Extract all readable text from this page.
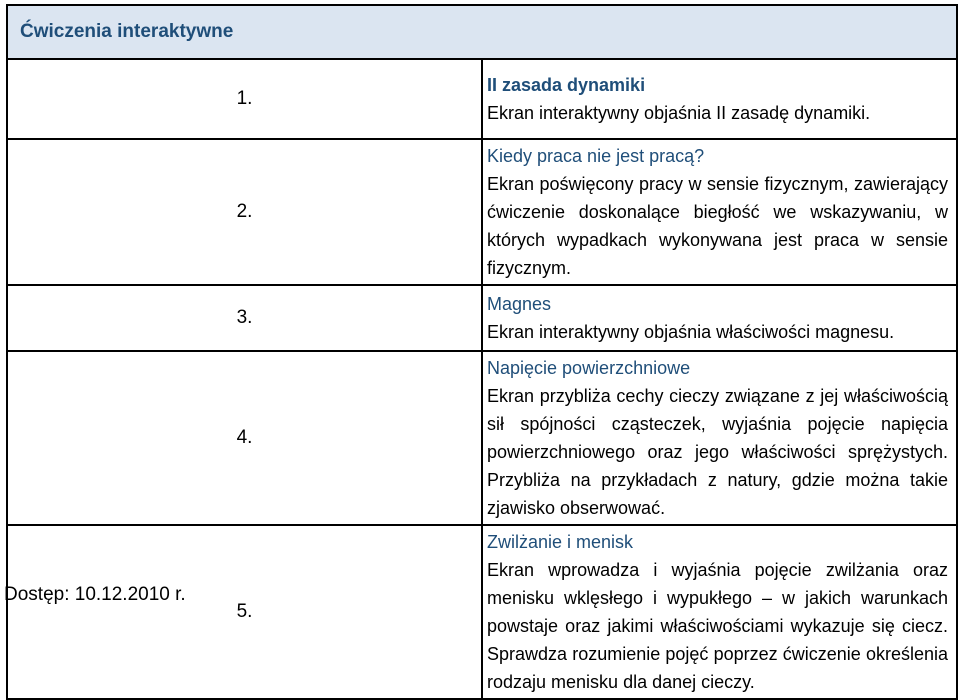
Ćwiczenia interaktywne	
1.	II zasada dynamiki
Ekran interaktywny objaśnia II zasadę dynamiki.

2.	Kiedy praca nie jest pracą?
Ekran poświęcony pracy w sensie fizycznym, zawierający ćwiczenie doskonalące biegłość we wskazywaniu, w których wypadkach wykonywana jest praca w sensie fizycznym.

3.	Magnes
Ekran interaktywny objaśnia właściwości magnesu.

4.	Napięcie powierzchniowe
Ekran przybliża cechy cieczy związane z jej właściwością sił spójności cząsteczek, wyjaśnia pojęcie napięcia powierzchniowego oraz jego właściwości sprężystych. Przybliża na przykładach z natury, gdzie można takie zjawisko obserwować.

5.	Zwilżanie i menisk
Ekran wprowadza i wyjaśnia pojęcie zwilżania oraz menisku wklęsłego i wypukłego – w jakich warunkach powstaje oraz jakimi właściwościami wykazuje się ciecz. Sprawdza rozumienie pojęć poprzez ćwiczenie określenia rodzaju menisku dla danej cieczy.
Dostęp: 10.12.2010 r.
